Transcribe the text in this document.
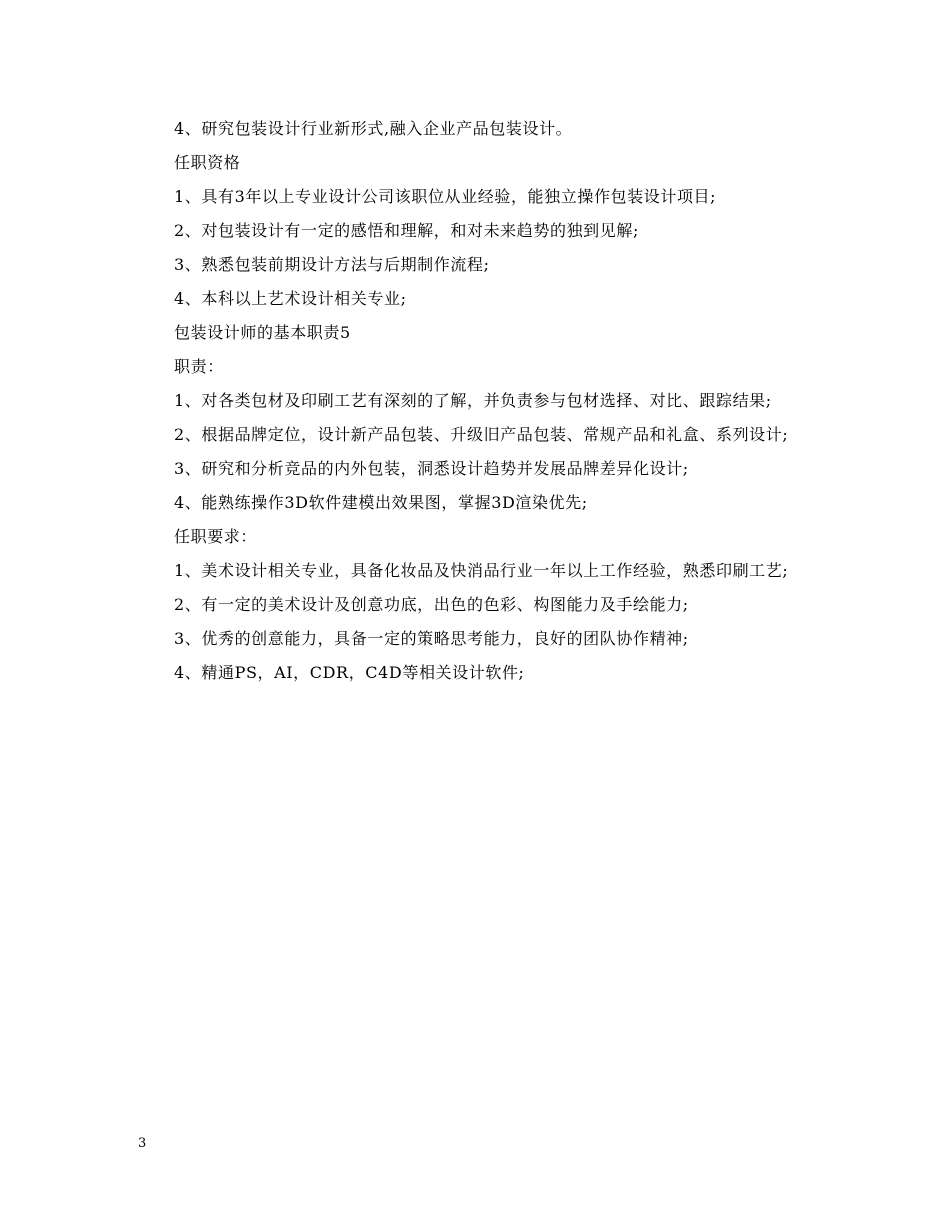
4、研究包装设计行业新形式,融入企业产品包装设计。

任职资格

1、具有3年以上专业设计公司该职位从业经验，能独立操作包装设计项目;

2、对包装设计有一定的感悟和理解，和对未来趋势的独到见解;

3、熟悉包装前期设计方法与后期制作流程;

4、本科以上艺术设计相关专业;

包装设计师的基本职责5

职责：

1、对各类包材及印刷工艺有深刻的了解，并负责参与包材选择、对比、跟踪结果;

2、根据品牌定位，设计新产品包装、升级旧产品包装、常规产品和礼盒、系列设计;

3、研究和分析竞品的内外包装，洞悉设计趋势并发展品牌差异化设计;

4、能熟练操作3D软件建模出效果图，掌握3D渲染优先;

任职要求：

1、美术设计相关专业，具备化妆品及快消品行业一年以上工作经验，熟悉印刷工艺;

2、有一定的美术设计及创意功底，出色的色彩、构图能力及手绘能力;

3、优秀的创意能力，具备一定的策略思考能力，良好的团队协作精神;

4、精通PS，AI，CDR，C4D等相关设计软件;

3
